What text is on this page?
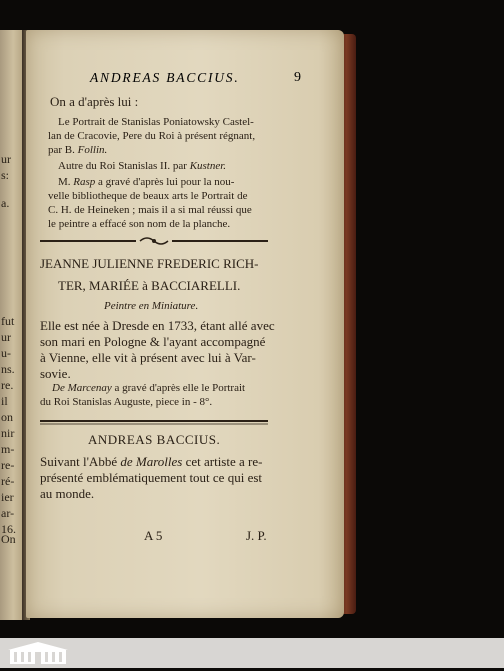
ur
s:
a.
fut
ur
u-
ns.
re.
il
on
nir
m-
re-
ré-
ier
ar-
16.
On
ANDREAS BACCIUS.	9
On a d'après lui :
Le Portrait de Stanislas Poniatowsky Castel-
lan de Cracovie, Pere du Roi à présent régnant,
par B. Follin.
Autre du Roi Stanislas II. par Kustner.
M. Rasp a gravé d'après lui pour la nou-
velle bibliotheque de beaux arts le Portrait de
C. H. de Heineken ; mais il a si mal réussi que
le peintre a effacé son nom de la planche.
JEANNE JULIENNE FREDERIC RICH-
TER, MARIÉE à BACCIARELLI.
Peintre en Miniature.
Elle est née à Dresde en 1733, étant allé avec
son mari en Pologne & l'ayant accompagné
à Vienne, elle vit à présent avec lui à Var-
sovie.
De Marcenay a gravé d'après elle le Portrait
du Roi Stanislas Auguste, piece in - 8°.
ANDREAS BACCIUS.
Suivant l'Abbé de Marolles cet artiste a re-
présenté emblématiquement tout ce qui est
au monde.
A 5	J. P.
